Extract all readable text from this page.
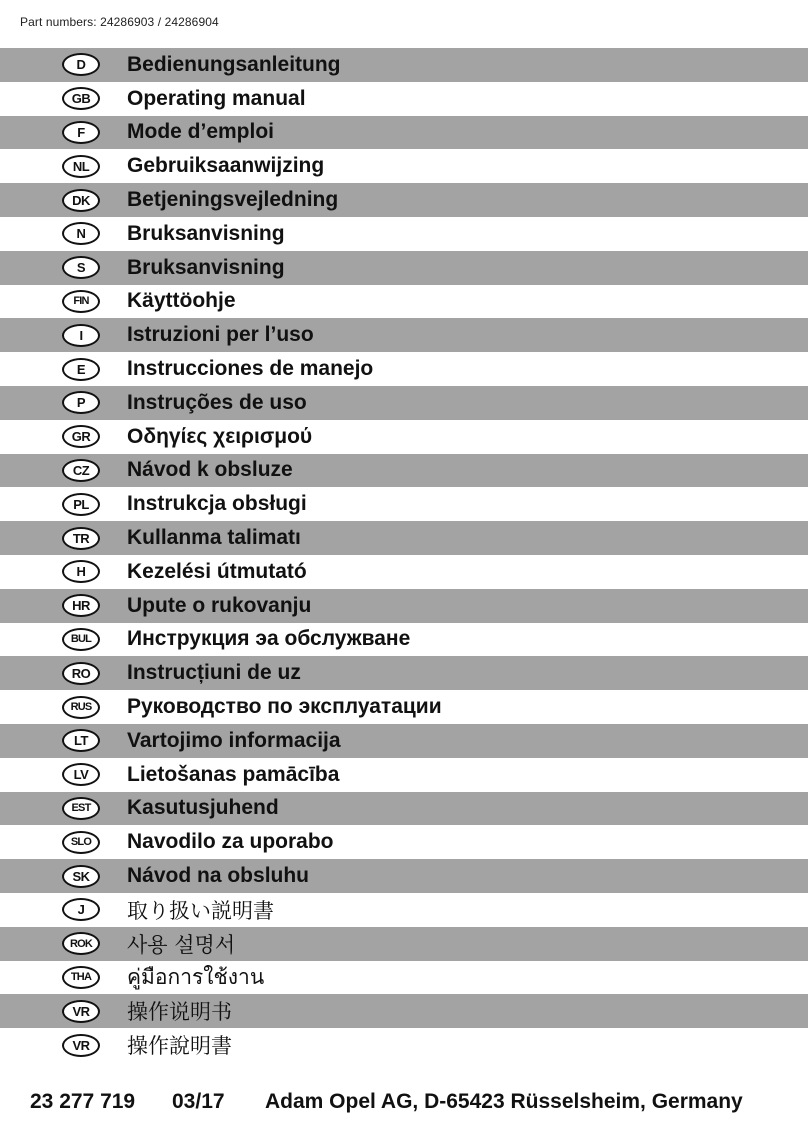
Part numbers: 24286903 / 24286904
D	Bedienungsanleitung
GB	Operating manual
F	Mode d’emploi
NL	Gebruiksaanwijzing
DK	Betjeningsvejledning
N	Bruksanvisning
S	Bruksanvisning
FIN	Käyttöohje
I	Istruzioni per l’uso
E	Instrucciones de manejo
P	Instruções de uso
GR	Οδηγίες χειρισμού
CZ	Návod k obsluze
PL	Instrukcja obsługi
TR	Kullanma talimatı
H	Kezelési útmutató
HR	Upute o rukovanju
BUL	Инструкция эа обслужване
RO	Instrucțiuni de uz
RUS	Руководство по эксплуатации
LT	Vartojimo informacija
LV	Lietošanas pamācība
EST	Kasutusjuhend
SLO	Navodilo za uporabo
SK	Návod na obsluhu
J	取り扱い説明書
ROK	사용 설명서
THA	คู่มือการใช้งาน
VR	操作说明书
VR	操作說明書
23 277 719	03/17	Adam Opel AG, D-65423 Rüsselsheim, Germany
